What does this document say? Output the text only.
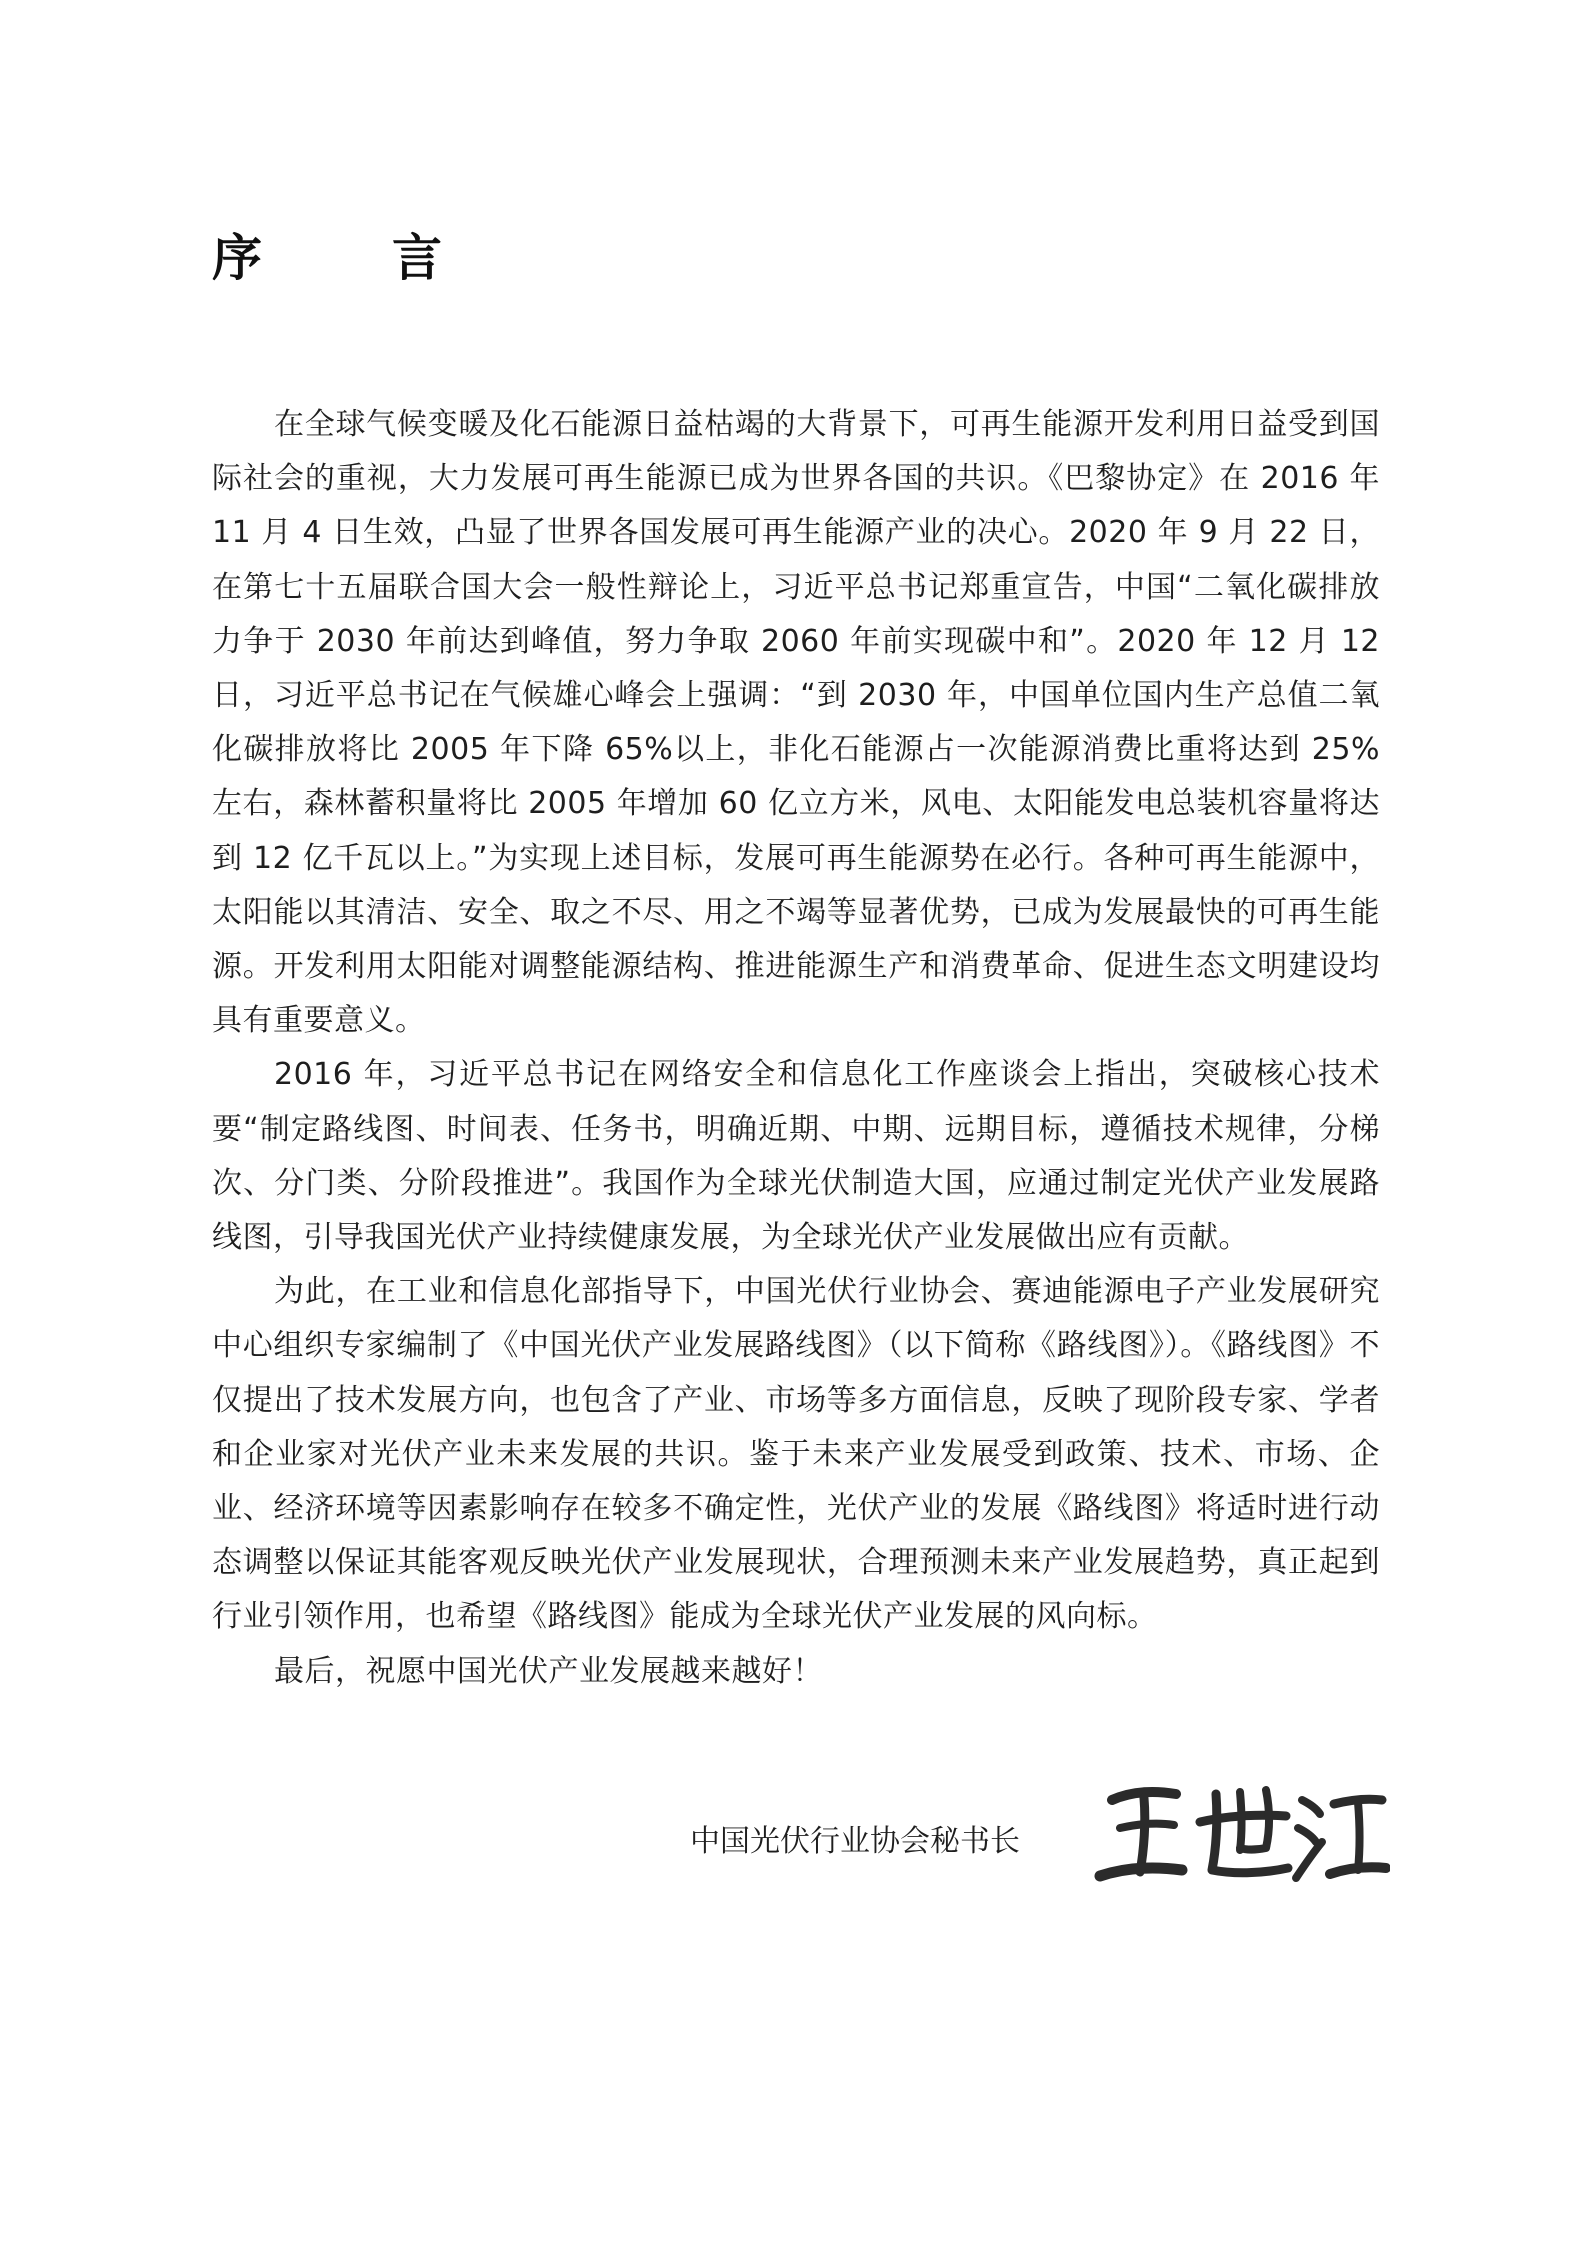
序　言

在全球气候变暖及化石能源日益枯竭的大背景下，可再生能源开发利用日益受到国际社会的重视，大力发展可再生能源已成为世界各国的共识。《巴黎协定》在 2016 年 11 月 4 日生效，凸显了世界各国发展可再生能源产业的决心。2020 年 9 月 22 日，在第七十五届联合国大会一般性辩论上，习近平总书记郑重宣告，中国“二氧化碳排放力争于 2030 年前达到峰值，努力争取 2060 年前实现碳中和”。2020 年 12 月 12 日，习近平总书记在气候雄心峰会上强调：“到 2030 年，中国单位国内生产总值二氧化碳排放将比 2005 年下降 65%以上，非化石能源占一次能源消费比重将达到 25%左右，森林蓄积量将比 2005 年增加 60 亿立方米，风电、太阳能发电总装机容量将达到 12 亿千瓦以上。”为实现上述目标，发展可再生能源势在必行。各种可再生能源中，太阳能以其清洁、安全、取之不尽、用之不竭等显著优势，已成为发展最快的可再生能源。开发利用太阳能对调整能源结构、推进能源生产和消费革命、促进生态文明建设均具有重要意义。

2016 年，习近平总书记在网络安全和信息化工作座谈会上指出，突破核心技术要“制定路线图、时间表、任务书，明确近期、中期、远期目标，遵循技术规律，分梯次、分门类、分阶段推进”。我国作为全球光伏制造大国，应通过制定光伏产业发展路线图，引导我国光伏产业持续健康发展，为全球光伏产业发展做出应有贡献。

为此，在工业和信息化部指导下，中国光伏行业协会、赛迪能源电子产业发展研究中心组织专家编制了《中国光伏产业发展路线图》（以下简称《路线图》）。《路线图》不仅提出了技术发展方向，也包含了产业、市场等多方面信息，反映了现阶段专家、学者和企业家对光伏产业未来发展的共识。鉴于未来产业发展受到政策、技术、市场、企业、经济环境等因素影响存在较多不确定性，光伏产业的发展《路线图》将适时进行动态调整以保证其能客观反映光伏产业发展现状，合理预测未来产业发展趋势，真正起到行业引领作用，也希望《路线图》能成为全球光伏产业发展的风向标。

最后，祝愿中国光伏产业发展越来越好！

中国光伏行业协会秘书长
